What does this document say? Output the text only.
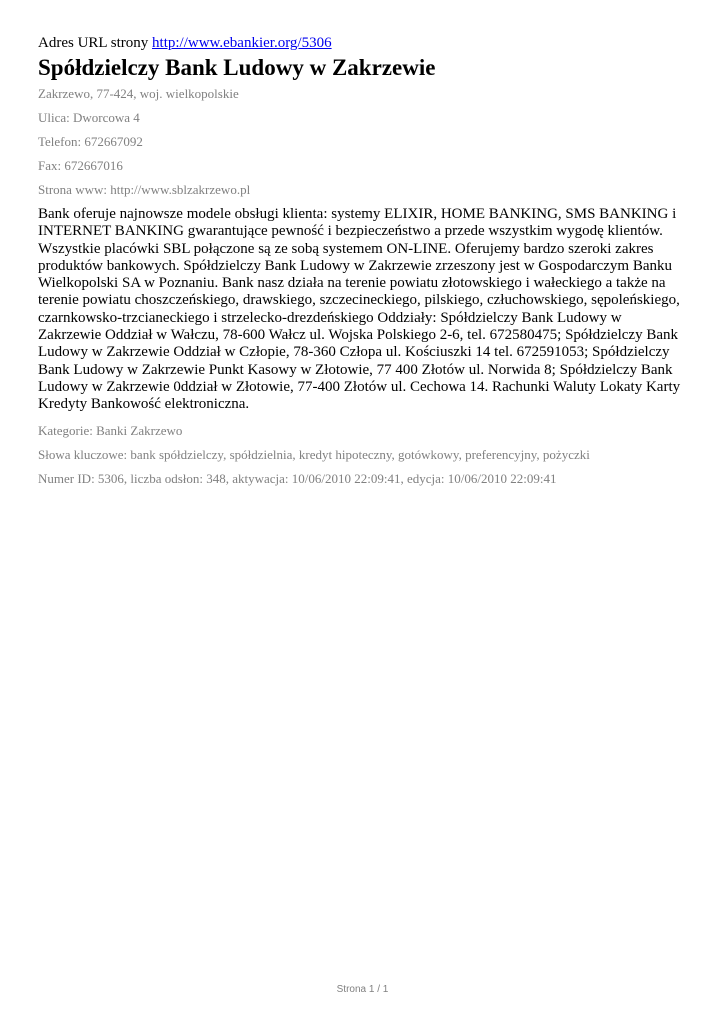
Adres URL strony http://www.ebankier.org/5306

Spółdzielczy Bank Ludowy w Zakrzewie

Zakrzewo, 77-424, woj. wielkopolskie

Ulica: Dworcowa 4

Telefon: 672667092

Fax: 672667016

Strona www: http://www.sblzakrzewo.pl

Bank oferuje najnowsze modele obsługi klienta: systemy ELIXIR, HOME BANKING, SMS BANKING i INTERNET BANKING gwarantujące pewność i bezpieczeństwo a przede wszystkim wygodę klientów. Wszystkie placówki SBL połączone są ze sobą systemem ON-LINE. Oferujemy bardzo szeroki zakres produktów bankowych. Spółdzielczy Bank Ludowy w Zakrzewie zrzeszony jest w Gospodarczym Banku Wielkopolski SA w Poznaniu. Bank nasz działa na terenie powiatu złotowskiego i wałeckiego a także na terenie powiatu choszczeńskiego, drawskiego, szczecineckiego, pilskiego, człuchowskiego, sępoleńskiego, czarnkowsko-trzcianeckiego i strzelecko-drezdeńskiego Oddziały: Spółdzielczy Bank Ludowy w Zakrzewie Oddział w Wałczu, 78-600 Wałcz ul. Wojska Polskiego 2-6, tel. 672580475; Spółdzielczy Bank Ludowy w Zakrzewie Oddział w Człopie, 78-360 Człopa ul. Kościuszki 14 tel. 672591053; Spółdzielczy Bank Ludowy w Zakrzewie Punkt Kasowy w Złotowie, 77 400 Złotów ul. Norwida 8; Spółdzielczy Bank Ludowy w Zakrzewie 0ddział w Złotowie, 77-400 Złotów ul. Cechowa 14. Rachunki Waluty Lokaty Karty Kredyty Bankowość elektroniczna.

Kategorie: Banki Zakrzewo

Słowa kluczowe: bank spółdzielczy, spółdzielnia, kredyt hipoteczny, gotówkowy, preferencyjny, pożyczki

Numer ID: 5306, liczba odsłon: 348, aktywacja: 10/06/2010 22:09:41, edycja: 10/06/2010 22:09:41

Strona 1 / 1
